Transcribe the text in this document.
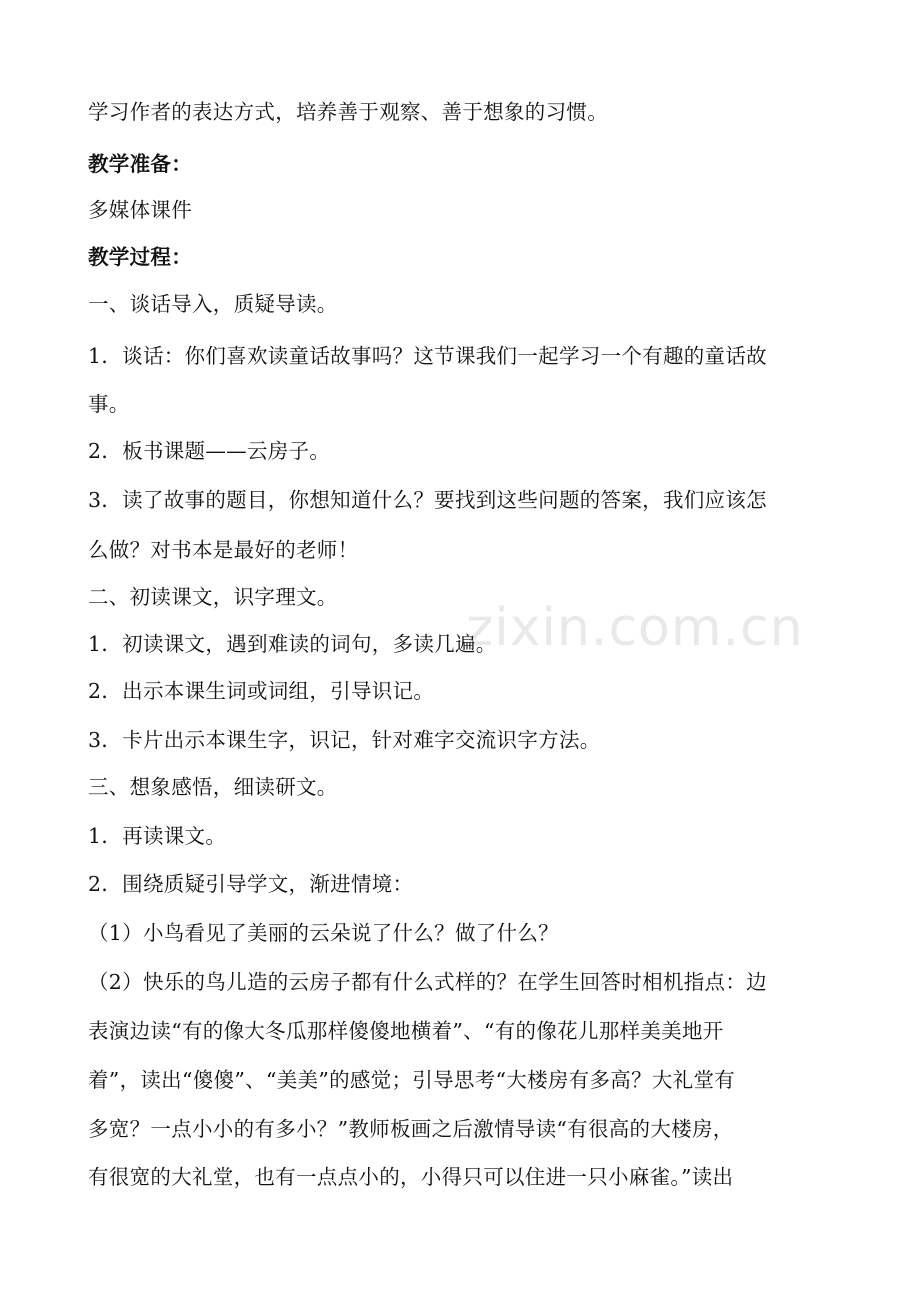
zixin.com.cn
学习作者的表达方式，培养善于观察、善于想象的习惯。
教学准备：
多媒体课件
教学过程：
一、谈话导入，质疑导读。
1．谈话：你们喜欢读童话故事吗？这节课我们一起学习一个有趣的童话故
事。
2．板书课题——云房子。
3．读了故事的题目，你想知道什么？要找到这些问题的答案，我们应该怎
么做？对书本是最好的老师！
二、初读课文，识字理文。
1．初读课文，遇到难读的词句，多读几遍。
2．出示本课生词或词组，引导识记。
3．卡片出示本课生字，识记，针对难字交流识字方法。
三、想象感悟，细读研文。
1．再读课文。
2．围绕质疑引导学文，渐进情境：
（1）小鸟看见了美丽的云朵说了什么？做了什么？
（2）快乐的鸟儿造的云房子都有什么式样的？在学生回答时相机指点：边
表演边读“有的像大冬瓜那样傻傻地横着”、“有的像花儿那样美美地开
着”，读出“傻傻”、“美美”的感觉；引导思考“大楼房有多高？大礼堂有
多宽？一点小小的有多小？”教师板画之后激情导读“有很高的大楼房，
有很宽的大礼堂，也有一点点小的，小得只可以住进一只小麻雀。”读出
